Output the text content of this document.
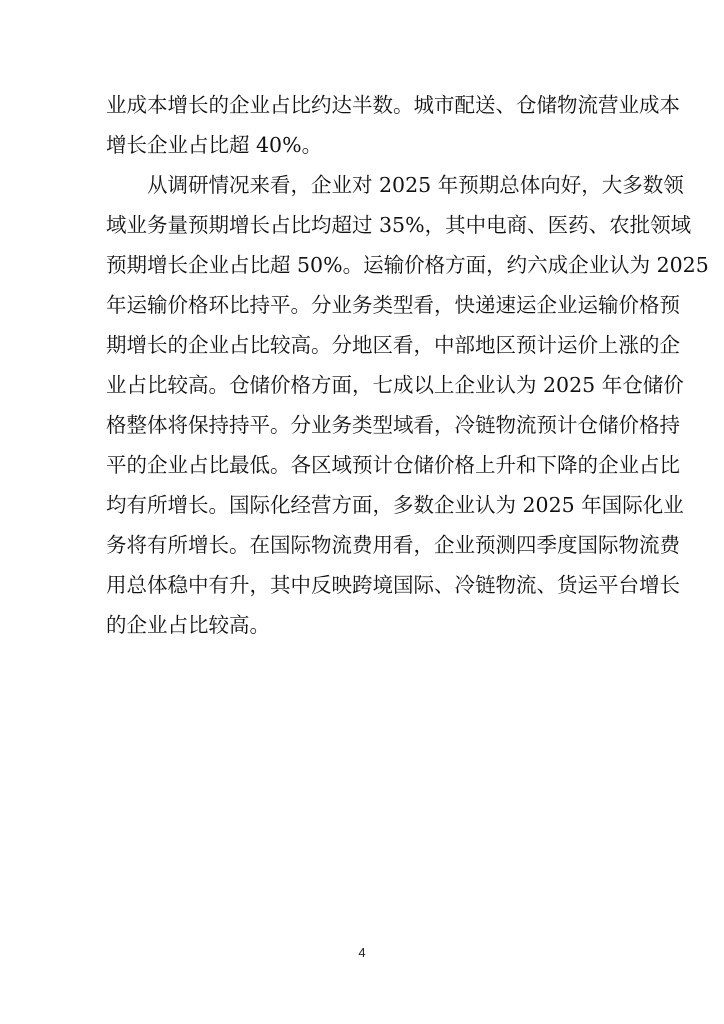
业成本增长的企业占比约达半数。城市配送、仓储物流营业成本
增长企业占比超 40%。
　　从调研情况来看，企业对 2025 年预期总体向好，大多数领
域业务量预期增长占比均超过 35%，其中电商、医药、农批领域
预期增长企业占比超 50%。运输价格方面，约六成企业认为 2025
年运输价格环比持平。分业务类型看，快递速运企业运输价格预
期增长的企业占比较高。分地区看，中部地区预计运价上涨的企
业占比较高。仓储价格方面，七成以上企业认为 2025 年仓储价
格整体将保持持平。分业务类型域看，冷链物流预计仓储价格持
平的企业占比最低。各区域预计仓储价格上升和下降的企业占比
均有所增长。国际化经营方面，多数企业认为 2025 年国际化业
务将有所增长。在国际物流费用看，企业预测四季度国际物流费
用总体稳中有升，其中反映跨境国际、冷链物流、货运平台增长
的企业占比较高。
4
